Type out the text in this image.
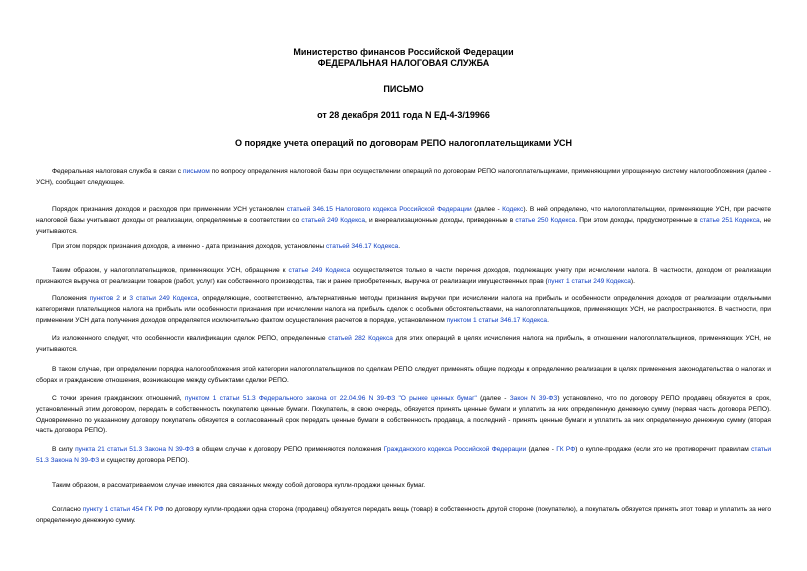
Министерство финансов Российской Федерации

ФЕДЕРАЛЬНАЯ НАЛОГОВАЯ СЛУЖБА

ПИСЬМО

от 28 декабря 2011 года N ЕД-4-3/19966

О порядке учета операций по договорам РЕПО налогоплательщиками УСН

Федеральная налоговая служба в связи с письмом по вопросу определения налоговой базы при осуществлении операций по договорам РЕПО налогоплательщиками, применяющими упрощенную систему налогообложения (далее - УСН), сообщает следующее.

Порядок признания доходов и расходов при применении УСН установлен статьей 346.15 Налогового кодекса Российской Федерации (далее - Кодекс). В ней определено, что налогоплательщики, применяющие УСН, при расчете налоговой базы учитывают доходы от реализации, определяемые в соответствии со статьей 249 Кодекса, и внереализационные доходы, приведенные в статье 250 Кодекса. При этом доходы, предусмотренные в статье 251 Кодекса, не учитываются.

При этом порядок признания доходов, а именно - дата признания доходов, установлены статьей 346.17 Кодекса.

Таким образом, у налогоплательщиков, применяющих УСН, обращение к статье 249 Кодекса осуществляется только в части перечня доходов, подлежащих учету при исчислении налога. В частности, доходом от реализации признаются выручка от реализации товаров (работ, услуг) как собственного производства, так и ранее приобретенных, выручка от реализации имущественных прав (пункт 1 статьи 249 Кодекса).

Положения пунктов 2 и 3 статьи 249 Кодекса, определяющие, соответственно, альтернативные методы признания выручки при исчислении налога на прибыль и особенности определения доходов от реализации отдельными категориями плательщиков налога на прибыль или особенности признания при исчислении налога на прибыль сделок с особыми обстоятельствами, на налогоплательщиков, применяющих УСН, не распространяются. В частности, при применении УСН дата получения доходов определяется исключительно фактом осуществления расчетов в порядке, установленном пунктом 1 статьи 346.17 Кодекса.

Из изложенного следует, что особенности квалификации сделок РЕПО, определенные статьей 282 Кодекса для этих операций в целях исчисления налога на прибыль, в отношении налогоплательщиков, применяющих УСН, не учитываются.

В таком случае, при определении порядка налогообложения этой категории налогоплательщиков по сделкам РЕПО следует применять общие подходы к определению реализации в целях применения законодательства о налогах и сборах и гражданские отношения, возникающие между субъектами сделки РЕПО.

С точки зрения гражданских отношений, пунктом 1 статьи 51.3 Федерального закона от 22.04.96 N 39-ФЗ "О рынке ценных бумаг" (далее - Закон N 39-ФЗ) установлено, что по договору РЕПО продавец обязуется в срок, установленный этим договором, передать в собственность покупателю ценные бумаги. Покупатель, в свою очередь, обязуется принять ценные бумаги и уплатить за них определенную денежную сумму (первая часть договора РЕПО). Одновременно по указанному договору покупатель обязуется в согласованный срок передать ценные бумаги в собственность продавца, а последний - принять ценные бумаги и уплатить за них определенную денежную сумму (вторая часть договора РЕПО).

В силу пункта 21 статьи 51.3 Закона N 39-ФЗ в общем случае к договору РЕПО применяются положения Гражданского кодекса Российской Федерации (далее - ГК РФ) о купле-продаже (если это не противоречит правилам статьи 51.3 Закона N 39-ФЗ и существу договора РЕПО).

Таким образом, в рассматриваемом случае имеются два связанных между собой договора купли-продажи ценных бумаг.

Согласно пункту 1 статьи 454 ГК РФ по договору купли-продажи одна сторона (продавец) обязуется передать вещь (товар) в собственность другой стороне (покупателю), а покупатель обязуется принять этот товар и уплатить за него определенную денежную сумму.
